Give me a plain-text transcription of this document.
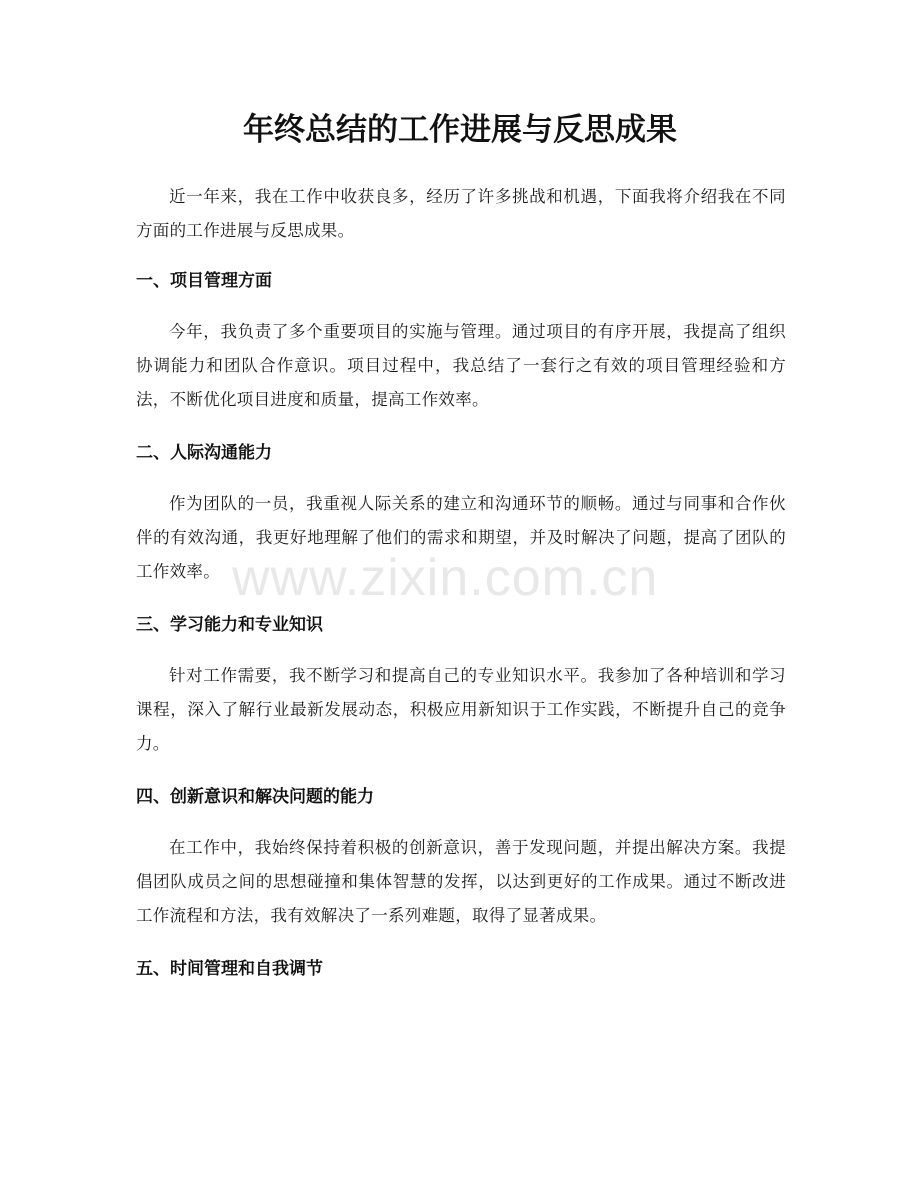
年终总结的工作进展与反思成果

近一年来，我在工作中收获良多，经历了许多挑战和机遇，下面我将介绍我在不同方面的工作进展与反思成果。

一、项目管理方面

今年，我负责了多个重要项目的实施与管理。通过项目的有序开展，我提高了组织协调能力和团队合作意识。项目过程中，我总结了一套行之有效的项目管理经验和方法，不断优化项目进度和质量，提高工作效率。

二、人际沟通能力

作为团队的一员，我重视人际关系的建立和沟通环节的顺畅。通过与同事和合作伙伴的有效沟通，我更好地理解了他们的需求和期望，并及时解决了问题，提高了团队的工作效率。

三、学习能力和专业知识

针对工作需要，我不断学习和提高自己的专业知识水平。我参加了各种培训和学习课程，深入了解行业最新发展动态，积极应用新知识于工作实践，不断提升自己的竞争力。

四、创新意识和解决问题的能力

在工作中，我始终保持着积极的创新意识，善于发现问题，并提出解决方案。我提倡团队成员之间的思想碰撞和集体智慧的发挥，以达到更好的工作成果。通过不断改进工作流程和方法，我有效解决了一系列难题，取得了显著成果。

五、时间管理和自我调节
www.zixin.com.cn
